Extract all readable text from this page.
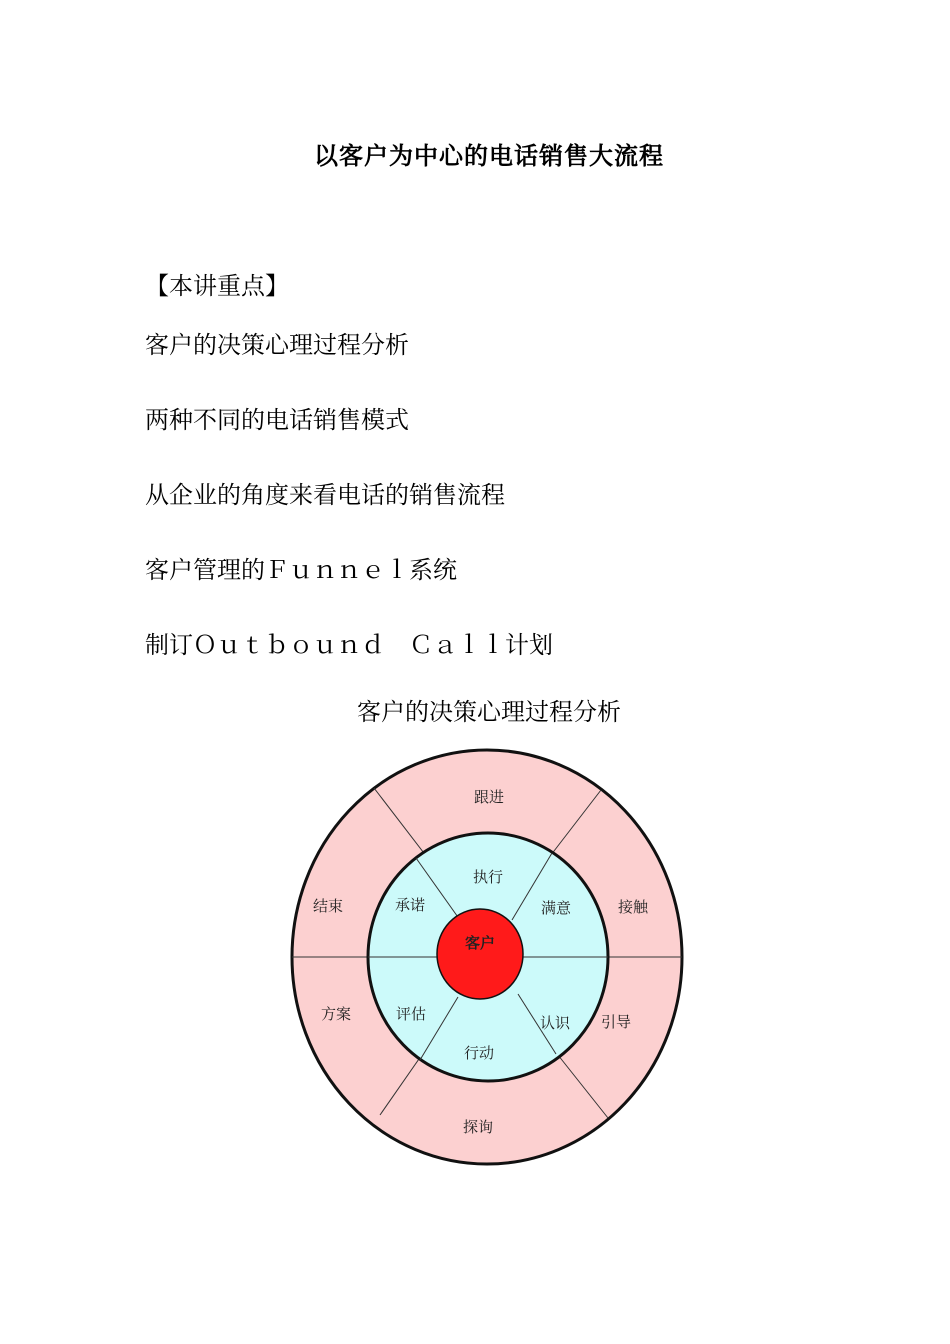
以客户为中心的电话销售大流程
【本讲重点】
客户的决策心理过程分析
两种不同的电话销售模式
从企业的角度来看电话的销售流程
客户管理的Ｆｕｎｎｅｌ系统
制订Ｏｕｔｂｏｕｎｄ　Ｃａｌｌ计划
客户的决策心理过程分析
客户
执行
满意
认识
行动
评估
承诺
跟进
接触
引导
探询
方案
结束
